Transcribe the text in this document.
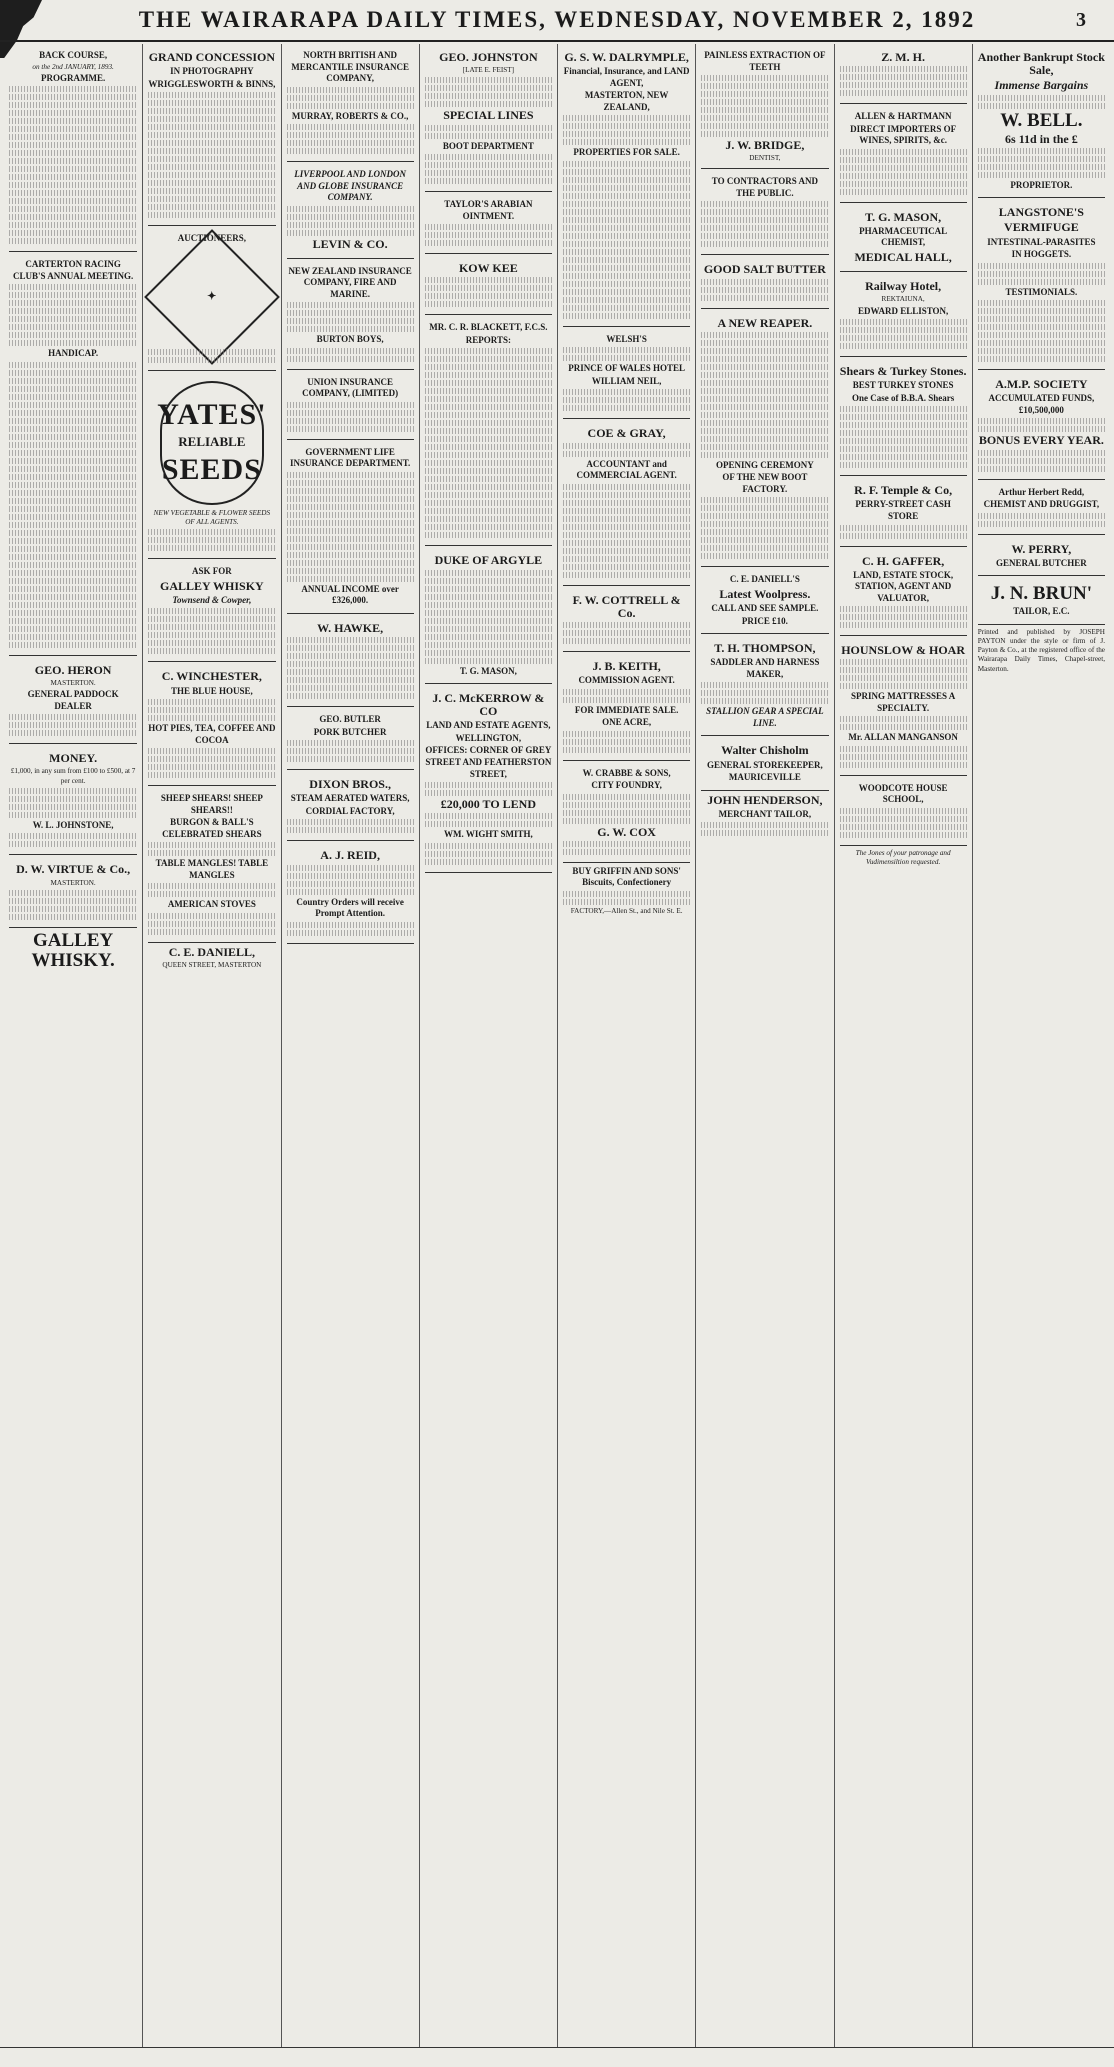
THE WAIRARAPA DAILY TIMES, WEDNESDAY, NOVEMBER 2, 1892	3
BACK COURSE,
on the 2nd JANUARY, 1893.
PROGRAMME.
CARTERTON RACING CLUB'S ANNUAL MEETING.
HANDICAP.
GEO. HERON
MASTERTON.
GENERAL PADDOCK DEALER
MONEY.
£1,000, in any sum from £100 to £500, at 7 per cent.
W. L. JOHNSTONE,
D. W. VIRTUE & Co.,
MASTERTON.
GALLEY WHISKY.
GRAND CONCESSION
IN PHOTOGRAPHY
WRIGGLESWORTH & BINNS,
AUCTIONEERS,
✦
YATES'
RELIABLE
SEEDS
NEW VEGETABLE & FLOWER SEEDS OF ALL AGENTS.
ASK FOR
GALLEY WHISKY
Townsend & Cowper,
C. WINCHESTER,
THE BLUE HOUSE,
HOT PIES, TEA, COFFEE AND COCOA
SHEEP SHEARS! SHEEP SHEARS!!
BURGON & BALL'S CELEBRATED SHEARS
TABLE MANGLES! TABLE MANGLES
AMERICAN STOVES
C. E. DANIELL,
QUEEN STREET, MASTERTON
NORTH BRITISH AND MERCANTILE INSURANCE COMPANY,
MURRAY, ROBERTS & CO.,
LIVERPOOL AND LONDON AND GLOBE INSURANCE COMPANY.
LEVIN & CO.
NEW ZEALAND INSURANCE COMPANY, FIRE AND MARINE.
BURTON BOYS,
UNION INSURANCE COMPANY, (LIMITED)
GOVERNMENT LIFE INSURANCE DEPARTMENT.
ANNUAL INCOME over £326,000.
W. HAWKE,
GEO. BUTLER
PORK BUTCHER
DIXON BROS.,
STEAM AERATED WATERS,
CORDIAL FACTORY,
A. J. REID,
Country Orders will receive Prompt Attention.
GEO. JOHNSTON
[LATE E. FEIST]
SPECIAL LINES
BOOT DEPARTMENT
TAYLOR'S ARABIAN OINTMENT.
KOW KEE
MR. C. R. BLACKETT, F.C.S.
REPORTS:
DUKE OF ARGYLE
T. G. MASON,
J. C. McKERROW & CO
LAND AND ESTATE AGENTS,
WELLINGTON,
OFFICES: CORNER OF GREY STREET AND FEATHERSTON STREET,
£20,000 TO LEND
WM. WIGHT SMITH,
G. S. W. DALRYMPLE,
Financial, Insurance, and LAND AGENT,
MASTERTON, NEW ZEALAND,
PROPERTIES FOR SALE.
WELSH'S
PRINCE OF WALES HOTEL
WILLIAM NEIL,
COE & GRAY,
ACCOUNTANT and COMMERCIAL AGENT.
F. W. COTTRELL & Co.
J. B. KEITH,
COMMISSION AGENT.
FOR IMMEDIATE SALE.
ONE ACRE,
W. CRABBE & SONS,
CITY FOUNDRY,
G. W. COX
BUY GRIFFIN AND SONS' Biscuits, Confectionery
FACTORY,—Allen St., and Nile St. E.
PAINLESS EXTRACTION OF TEETH
J. W. BRIDGE,
DENTIST,
TO CONTRACTORS AND THE PUBLIC.
GOOD SALT BUTTER
A NEW REAPER.
OPENING CEREMONY
OF THE NEW BOOT FACTORY.
C. E. DANIELL'S
Latest Woolpress.
CALL AND SEE SAMPLE.
PRICE £10.
T. H. THOMPSON,
SADDLER AND HARNESS MAKER,
STALLION GEAR A SPECIAL LINE.
Walter Chisholm
GENERAL STOREKEEPER,
MAURICEVILLE
JOHN HENDERSON,
MERCHANT TAILOR,
Z. M. H.
ALLEN & HARTMANN
DIRECT IMPORTERS OF WINES, SPIRITS, &c.
T. G. MASON,
PHARMACEUTICAL CHEMIST,
MEDICAL HALL,
Railway Hotel,
REKTAIUNA,
EDWARD ELLISTON,
Shears & Turkey Stones.
BEST TURKEY STONES
One Case of B.B.A. Shears
R. F. Temple & Co,
PERRY-STREET CASH STORE
C. H. GAFFER,
LAND, ESTATE STOCK, STATION, AGENT AND VALUATOR,
HOUNSLOW & HOAR
SPRING MATTRESSES A SPECIALTY.
Mr. ALLAN MANGANSON
WOODCOTE HOUSE SCHOOL,
The Jones of your patronage and Vudimensiltion requested.
Another Bankrupt Stock Sale,
Immense Bargains
W. BELL.
6s 11d in the £
PROPRIETOR.
LANGSTONE'S
VERMIFUGE
INTESTINAL-PARASITES
IN HOGGETS.
TESTIMONIALS.
A.M.P. SOCIETY
ACCUMULATED FUNDS, £10,500,000
BONUS EVERY YEAR.
Arthur Herbert Redd,
CHEMIST AND DRUGGIST,
W. PERRY,
GENERAL BUTCHER
J. N. BRUN'
TAILOR, E.C.
Printed and published by JOSEPH PAYTON under the style or firm of J. Payton & Co., at the registered office of the Wairarapa Daily Times, Chapel-street, Masterton.
